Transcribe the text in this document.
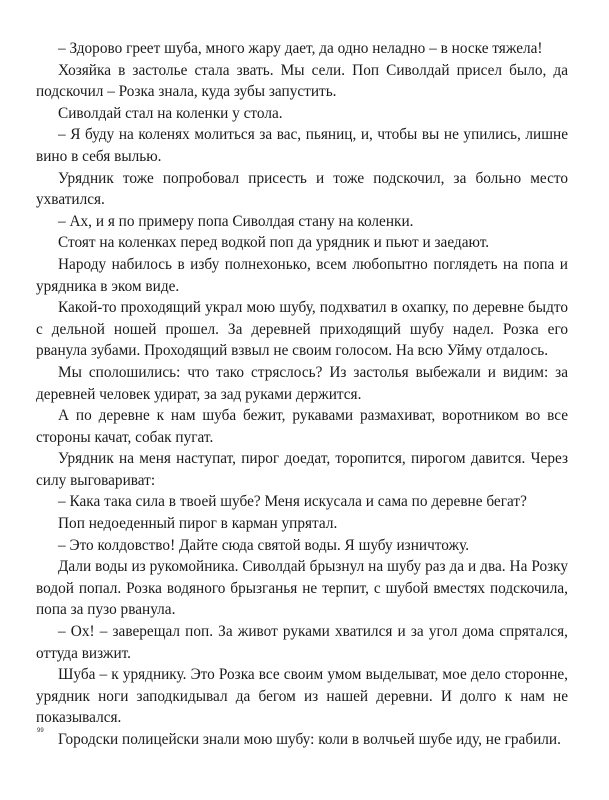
– Здорово греет шуба, много жару дает, да одно неладно – в носке тяжела!

Хозяйка в застолье стала звать. Мы сели. Поп Сиволдай присел было, да подскочил – Розка знала, куда зубы запустить.

Сиволдай стал на коленки у стола.

– Я буду на коленях молиться за вас, пьяниц, и, чтобы вы не упились, лишне вино в себя вылью.

Урядник тоже попробовал присесть и тоже подскочил, за больно место ухватился.

– Ах, и я по примеру попа Сиволдая стану на коленки.

Стоят на коленках перед водкой поп да урядник и пьют и заедают.

Народу набилось в избу полнехонько, всем любопытно поглядеть на попа и урядника в эком виде.

Какой-то проходящий украл мою шубу, подхватил в охапку, по деревне быдто с дельной ношей прошел. За деревней приходящий шубу надел. Розка его рванула зубами. Проходящий взвыл не своим голосом. На всю Уйму отдалось.

Мы сполошились: что тако стряслось? Из застолья выбежали и видим: за деревней человек удират, за зад руками держится.

А по деревне к нам шуба бежит, рукавами размахиват, воротником во все стороны качат, собак пугат.

Урядник на меня наступат, пирог доедат, торопится, пирогом давится. Через силу выговариват:

– Кака така сила в твоей шубе? Меня искусала и сама по деревне бегат?

Поп недоеденный пирог в карман упрятал.

– Это колдовство! Дайте сюда святой воды. Я шубу изничтожу.

Дали воды из рукомойника. Сиволдай брызнул на шубу раз да и два. На Розку водой попал. Розка водяного брызганья не терпит, с шубой вместях подскочила, попа за пузо рванула.

– Ох! – заверещал поп. За живот руками хватился и за угол дома спрятался, оттуда визжит.

Шуба – к уряднику. Это Розка все своим умом выделыват, мое дело сторонне, урядник ноги заподкидывал да бегом из нашей деревни. И долго к нам не показывался.

Городски полицейски знали мою шубу: коли в волчьей шубе иду, не грабили.

99
